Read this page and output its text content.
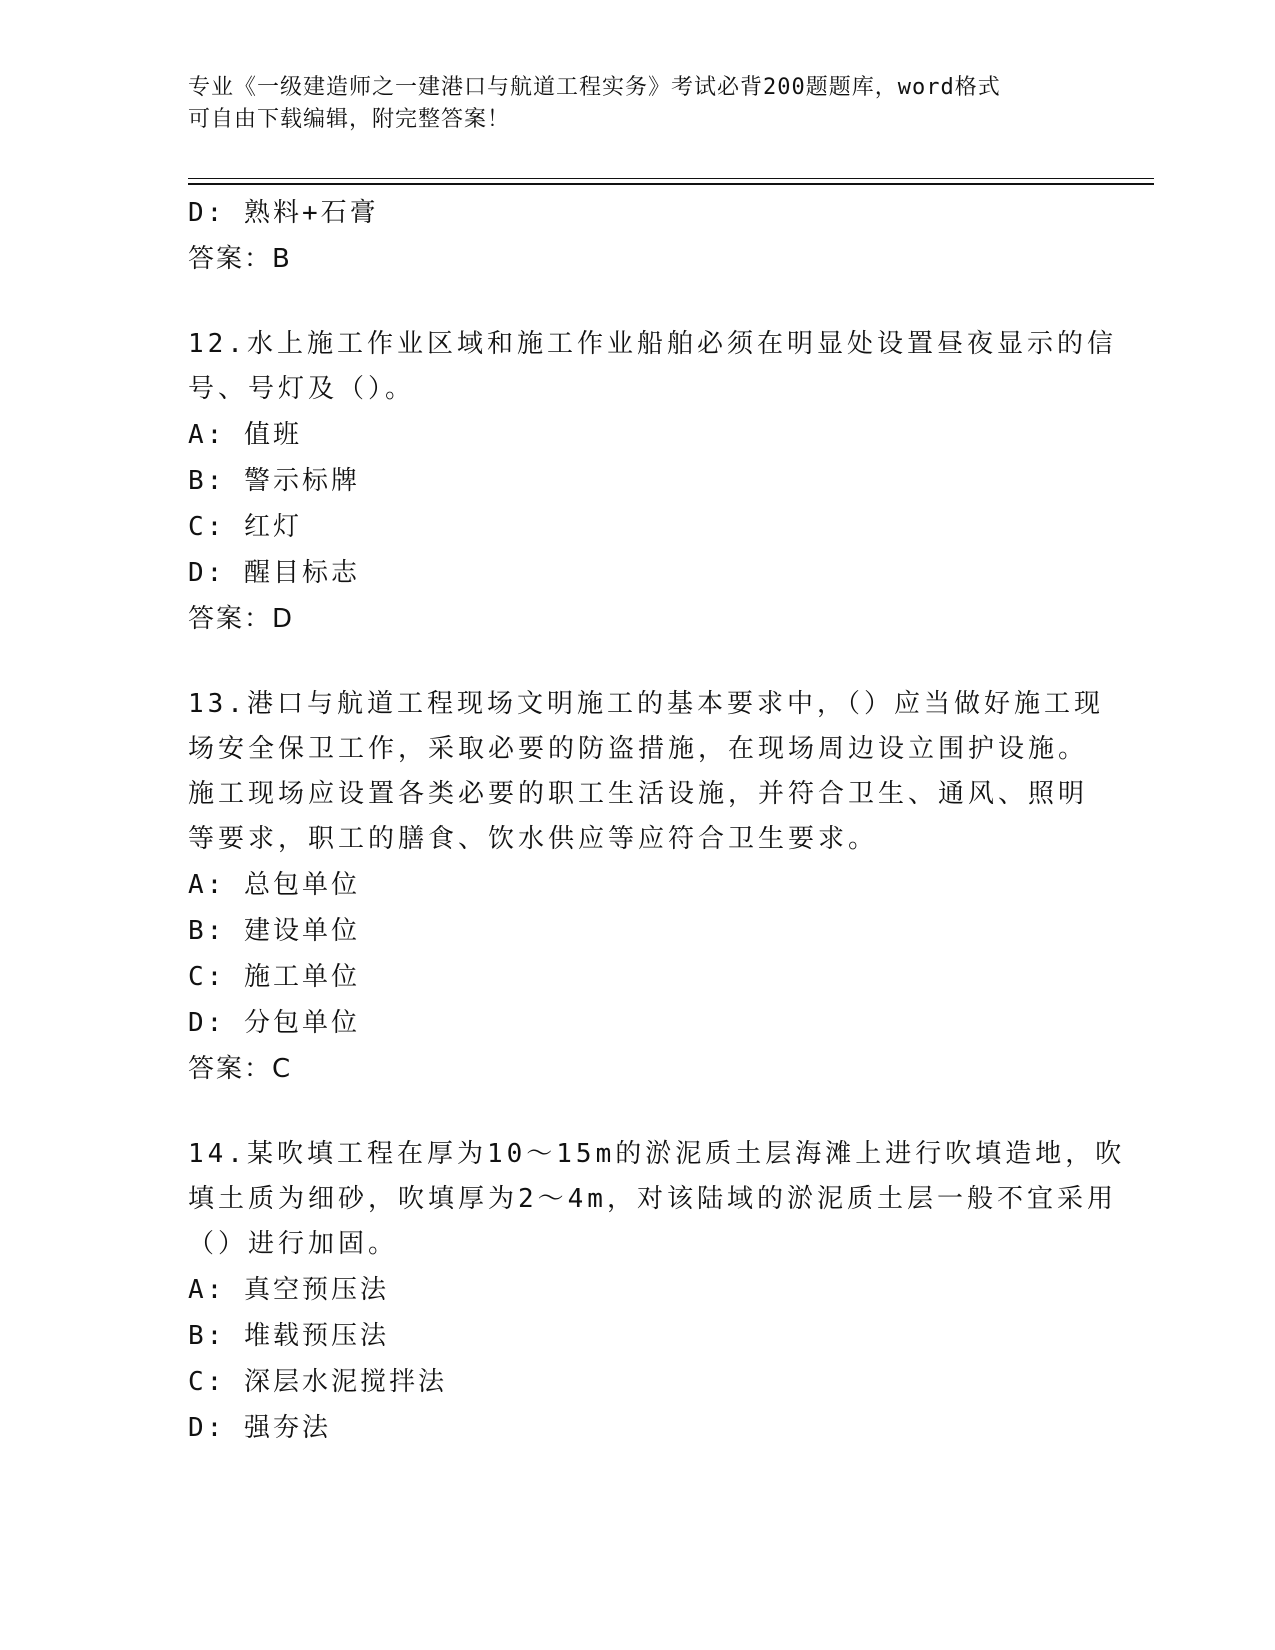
专业《一级建造师之一建港口与航道工程实务》考试必背200题题库，word格式
可自由下载编辑，附完整答案！
D: 熟料+石膏
答案：B
12.水上施工作业区域和施工作业船舶必须在明显处设置昼夜显示的信
号、号灯及（）。
A: 值班
B: 警示标牌
C: 红灯
D: 醒目标志
答案：D
13.港口与航道工程现场文明施工的基本要求中，（）应当做好施工现
场安全保卫工作，采取必要的防盗措施，在现场周边设立围护设施。
施工现场应设置各类必要的职工生活设施，并符合卫生、通风、照明
等要求，职工的膳食、饮水供应等应符合卫生要求。
A: 总包单位
B: 建设单位
C: 施工单位
D: 分包单位
答案：C
14.某吹填工程在厚为10～15m的淤泥质土层海滩上进行吹填造地，吹
填土质为细砂，吹填厚为2～4m，对该陆域的淤泥质土层一般不宜采用
（）进行加固。
A: 真空预压法
B: 堆载预压法
C: 深层水泥搅拌法
D: 强夯法
